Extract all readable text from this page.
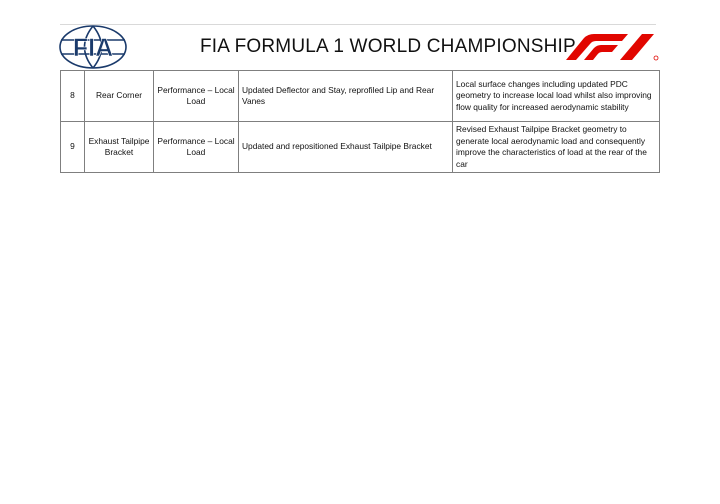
FIA	FIA FORMULA 1 WORLD CHAMPIONSHIP
8	Rear Corner	Performance – Local Load	Updated Deflector and Stay, reprofiled Lip and Rear Vanes	Local surface changes including updated PDC geometry to increase local load whilst also improving flow quality for increased aerodynamic stability
9	Exhaust Tailpipe Bracket	Performance – Local Load	Updated and repositioned Exhaust Tailpipe Bracket	Revised Exhaust Tailpipe Bracket geometry to generate local aerodynamic load and consequently improve the characteristics of load at the rear of the car
